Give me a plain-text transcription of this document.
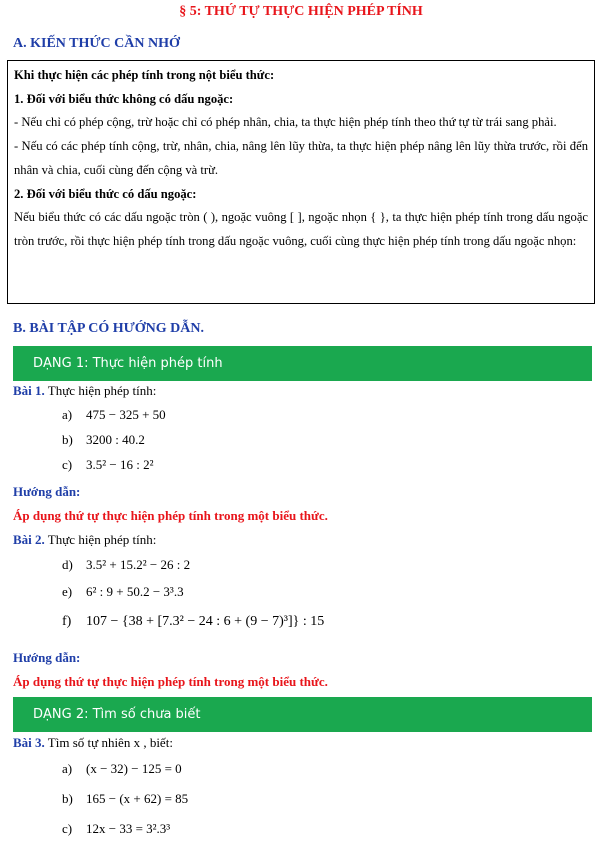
§ 5: THỨ TỰ THỰC HIỆN PHÉP TÍNH
A. KIẾN THỨC CẦN NHỚ
Khi thực hiện các phép tính trong nột biểu thức:
1. Đối với biểu thức không có dấu ngoặc:
- Nếu chỉ có phép cộng, trừ hoặc chỉ có phép nhân, chia, ta thực hiện phép tính theo thứ tự từ trái sang phải.
- Nếu có các phép tính cộng, trừ, nhân, chia, nâng lên lũy thừa, ta thực hiện phép nâng lên lũy thừa trước, rồi đến nhân và chia, cuối cùng đến cộng và trừ.
2. Đối với biểu thức có dấu ngoặc:
Nếu biểu thức có các dấu ngoặc tròn ( ), ngoặc vuông [ ], ngoặc nhọn { }, ta thực hiện phép tính trong dấu ngoặc tròn trước, rồi thực hiện phép tính trong dấu ngoặc vuông, cuối cùng thực hiện phép tính trong dấu ngoặc nhọn:
B. BÀI TẬP CÓ HƯỚNG DẪN.
DẠNG 1: Thực hiện phép tính
Bài 1. Thực hiện phép tính:
a) 475 − 325 + 50
b) 3200 : 40.2
c) 3.5² − 16 : 2²
Hướng dẫn:
Áp dụng thứ tự thực hiện phép tính trong một biểu thức.
Bài 2. Thực hiện phép tính:
d) 3.5² + 15.2² − 26 : 2
e) 6² : 9 + 50.2 − 3³.3
f) 107 − {38 + [7.3² − 24 : 6 + (9 − 7)³]} : 15
Hướng dẫn:
Áp dụng thứ tự thực hiện phép tính trong một biểu thức.
DẠNG 2: Tìm số chưa biết
Bài 3. Tìm số tự nhiên x , biết:
a) (x − 32) − 125 = 0
b) 165 − (x + 62) = 85
c) 12x − 33 = 3².3³
